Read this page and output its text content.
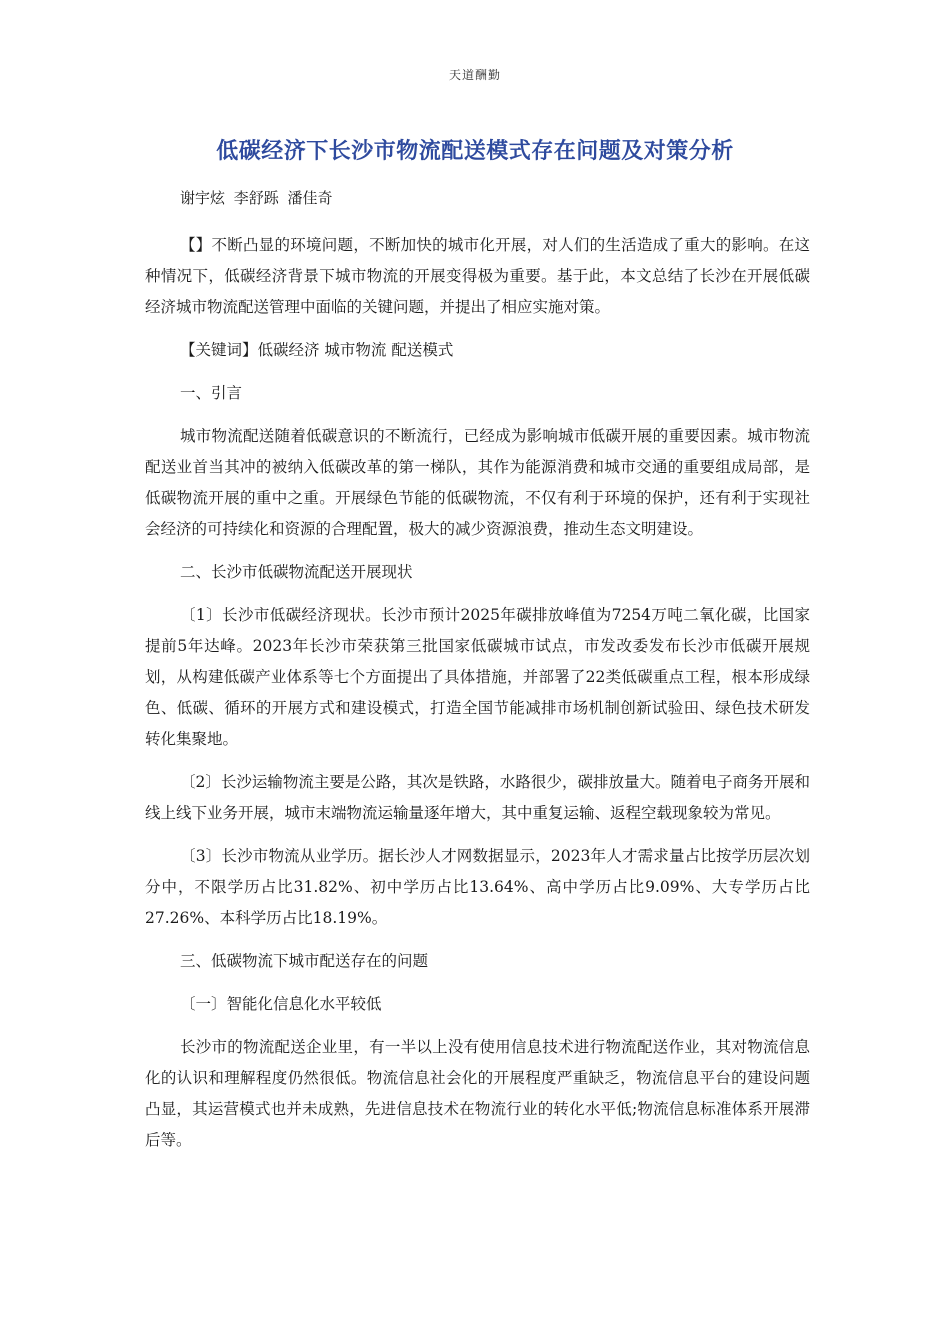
天道酬勤
低碳经济下长沙市物流配送模式存在问题及对策分析
谢宇炫 李舒跞 潘佳奇

【】不断凸显的环境问题，不断加快的城市化开展，对人们的生活造成了重大的影响。在这种情况下，低碳经济背景下城市物流的开展变得极为重要。基于此，本文总结了长沙在开展低碳经济城市物流配送管理中面临的关键问题，并提出了相应实施对策。

【关键词】低碳经济 城市物流 配送模式

一、引言

城市物流配送随着低碳意识的不断流行，已经成为影响城市低碳开展的重要因素。城市物流配送业首当其冲的被纳入低碳改革的第一梯队，其作为能源消费和城市交通的重要组成局部，是低碳物流开展的重中之重。开展绿色节能的低碳物流，不仅有利于环境的保护，还有利于实现社会经济的可持续化和资源的合理配置，极大的减少资源浪费，推动生态文明建设。

二、长沙市低碳物流配送开展现状

〔1〕长沙市低碳经济现状。长沙市预计2025年碳排放峰值为7254万吨二氧化碳，比国家提前5年达峰。2023年长沙市荣获第三批国家低碳城市试点，市发改委发布长沙市低碳开展规划，从构建低碳产业体系等七个方面提出了具体措施，并部署了22类低碳重点工程，根本形成绿色、低碳、循环的开展方式和建设模式，打造全国节能减排市场机制创新试验田、绿色技术研发转化集聚地。

〔2〕长沙运输物流主要是公路，其次是铁路，水路很少，碳排放量大。随着电子商务开展和线上线下业务开展，城市末端物流运输量逐年增大，其中重复运输、返程空载现象较为常见。

〔3〕长沙市物流从业学历。据长沙人才网数据显示，2023年人才需求量占比按学历层次划分中，不限学历占比31.82%、初中学历占比13.64%、高中学历占比9.09%、大专学历占比27.26%、本科学历占比18.19%。

三、低碳物流下城市配送存在的问题

〔一〕智能化信息化水平较低

长沙市的物流配送企业里，有一半以上没有使用信息技术进行物流配送作业，其对物流信息化的认识和理解程度仍然很低。物流信息社会化的开展程度严重缺乏，物流信息平台的建设问题凸显，其运营模式也并未成熟，先进信息技术在物流行业的转化水平低;物流信息标准体系开展滞后等。
